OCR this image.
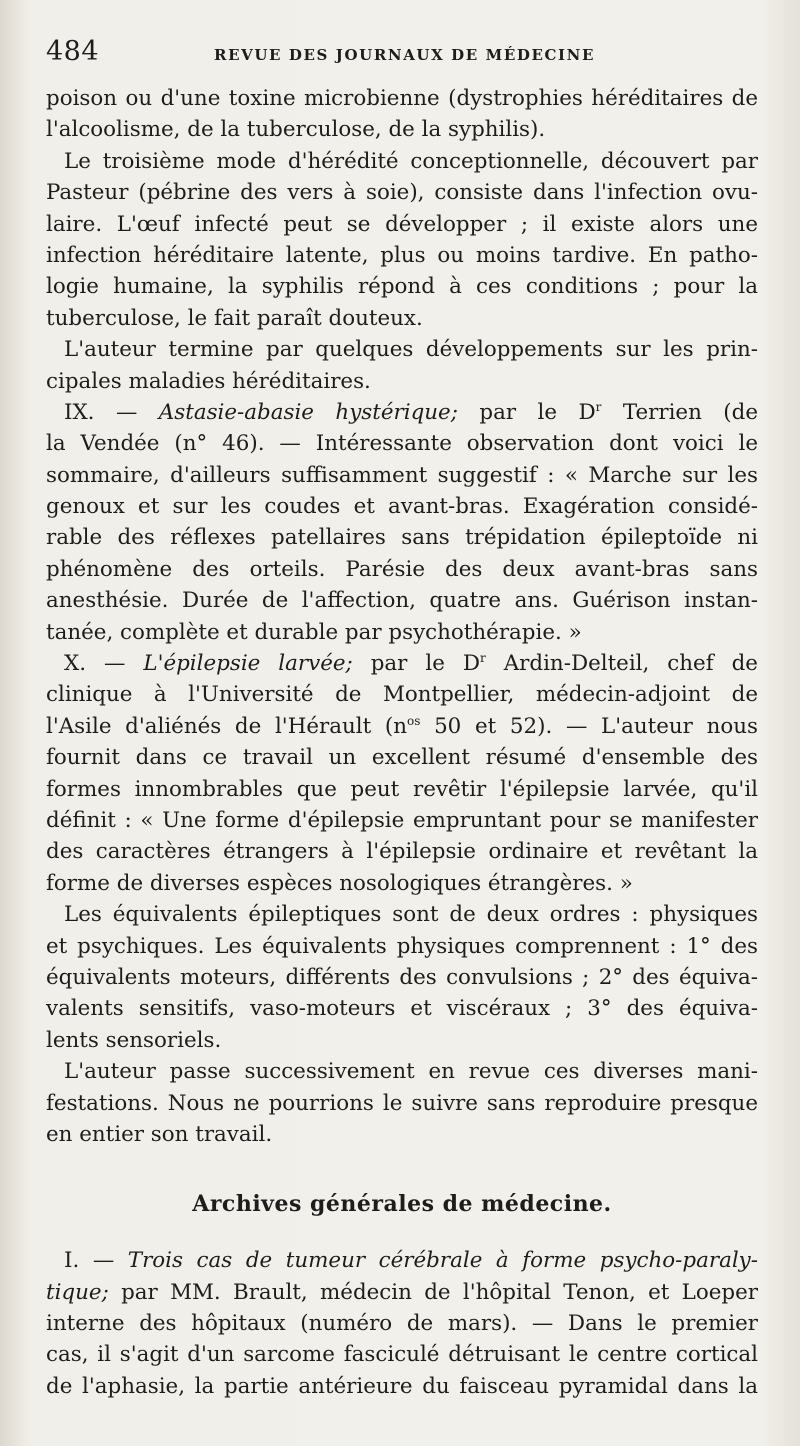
484	REVUE DES JOURNAUX DE MÉDECINE
poison ou d'une toxine microbienne (dystrophies héréditaires de
l'alcoolisme, de la tuberculose, de la syphilis).
Le troisième mode d'hérédité conceptionnelle, découvert par
Pasteur (pébrine des vers à soie), consiste dans l'infection ovu-
laire. L'œuf infecté peut se développer ; il existe alors une
infection héréditaire latente, plus ou moins tardive. En patho-
logie humaine, la syphilis répond à ces conditions ; pour la
tuberculose, le fait paraît douteux.
L'auteur termine par quelques développements sur les prin-
cipales maladies héréditaires.
IX. — Astasie-abasie hystérique; par le $D^r$ Terrien (de
la Vendée (n° 46). — Intéressante observation dont voici le
sommaire, d'ailleurs suffisamment suggestif : « Marche sur les
genoux et sur les coudes et avant-bras. Exagération considé-
rable des réflexes patellaires sans trépidation épileptoïde ni
phénomène des orteils. Parésie des deux avant-bras sans
anesthésie. Durée de l'affection, quatre ans. Guérison instan-
tanée, complète et durable par psychothérapie. »
X. — L'épilepsie larvée; par le $D^r$ Ardin-Delteil, chef de
clinique à l'Université de Montpellier, médecin-adjoint de
l'Asile d'aliénés de l'Hérault ($n^{os}$ 50 et 52). — L'auteur nous
fournit dans ce travail un excellent résumé d'ensemble des
formes innombrables que peut revêtir l'épilepsie larvée, qu'il
définit : « Une forme d'épilepsie empruntant pour se manifester
des caractères étrangers à l'épilepsie ordinaire et revêtant la
forme de diverses espèces nosologiques étrangères. »
Les équivalents épileptiques sont de deux ordres : physiques
et psychiques. Les équivalents physiques comprennent : 1° des
équivalents moteurs, différents des convulsions ; 2° des équiva-
valents sensitifs, vaso-moteurs et viscéraux ; 3° des équiva-
lents sensoriels.
L'auteur passe successivement en revue ces diverses mani-
festations. Nous ne pourrions le suivre sans reproduire presque
en entier son travail.
Archives générales de médecine.
I. — Trois cas de tumeur cérébrale à forme psycho-paraly-
tique; par MM. Brault, médecin de l'hôpital Tenon, et Loeper
interne des hôpitaux (numéro de mars). — Dans le premier
cas, il s'agit d'un sarcome fasciculé détruisant le centre cortical
de l'aphasie, la partie antérieure du faisceau pyramidal dans la
